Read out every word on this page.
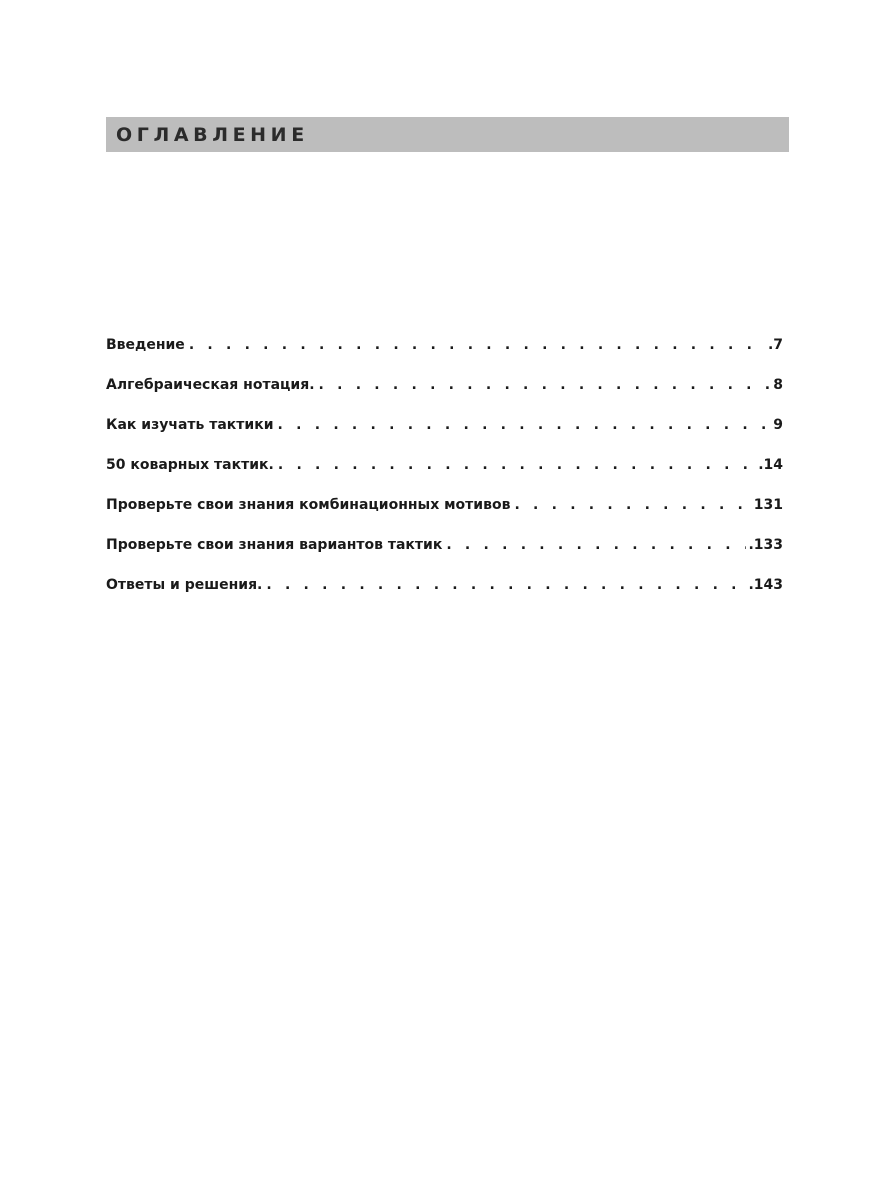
ОГЛАВЛЕНИЕ
Введение . . .	.7
Алгебраическая нотация. . . .	8
Как изучать тактики . . .	9
50 коварных тактик. . . .	.14
Проверьте свои знания комбинационных мотивов . . .	131
Проверьте свои знания вариантов тактик . . .	.133
Ответы и решения. . . .	.143
